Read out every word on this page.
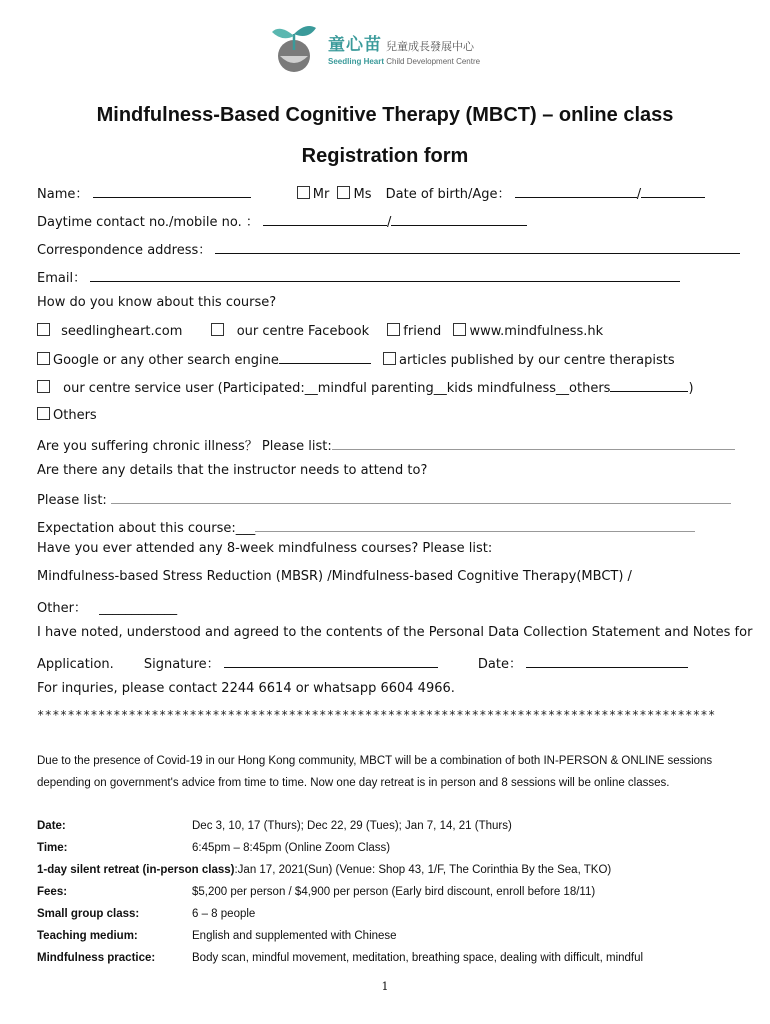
童心苗 兒童成長發展中心
Seedling Heart Child Development Centre
Mindfulness-Based Cognitive Therapy (MBCT) – online class
Registration form
Name：	Mr Ms Date of birth/Age：	/
Daytime contact no./mobile no. ：	/
Correspondence address：
Email：
How do you know about this course?
seedlingheart.com	our centre Facebook	friend www.mindfulness.hk
Google or any other search engine	articles published by our centre therapists
our centre service user (Participated:__mindful parenting__kids mindfulness__others	)
Others
Are you suffering chronic illness？ Please list:
Are there any details that the instructor needs to attend to?
Please list:
Expectation about this course:___
Have you ever attended any 8-week mindfulness courses? Please list:
Mindfulness-based Stress Reduction (MBSR) /Mindfulness-based Cognitive Therapy(MBCT) /
Other： ____________
I have noted, understood and agreed to the contents of the Personal Data Collection Statement and Notes for
Application. Signature：	Date：
For inquries, please contact 2244 6614 or whatsapp 6604 4966.
*****************************************************************************************
Due to the presence of Covid-19 in our Hong Kong community, MBCT will be a combination of both IN-PERSON & ONLINE sessions depending on government's advice from time to time. Now one day retreat is in person and 8 sessions will be online classes.
Date:	Dec 3, 10, 17 (Thurs); Dec 22, 29 (Tues); Jan 7, 14, 21 (Thurs)
Time:	6:45pm – 8:45pm (Online Zoom Class)
1-day silent retreat (in-person class):Jan 17, 2021(Sun) (Venue: Shop 43, 1/F, The Corinthia By the Sea, TKO)
Fees:	$5,200 per person / $4,900 per person (Early bird discount, enroll before 18/11)
Small group class:	6 – 8 people
Teaching medium:	English and supplemented with Chinese
Mindfulness practice:	Body scan, mindful movement, meditation, breathing space, dealing with difficult, mindful
1
